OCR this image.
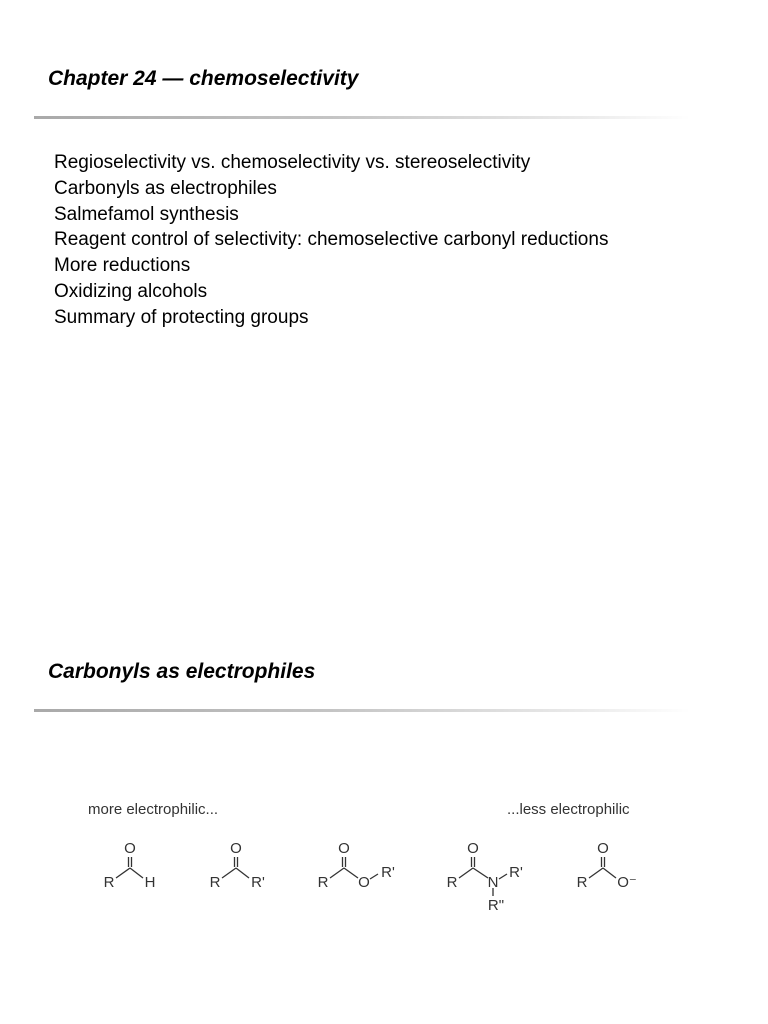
Chapter 24 — chemoselectivity
Regioselectivity vs. chemoselectivity vs. stereoselectivity
Carbonyls as electrophiles
Salmefamol synthesis
Reagent control of selectivity: chemoselective carbonyl reductions
More reductions
Oxidizing alcohols
Summary of protecting groups
Carbonyls as electrophiles
more electrophilic...	...less electrophilic
O
R H
O
R R'
O
R O
R'
O
R N
R'
R"
O
R O⁻
